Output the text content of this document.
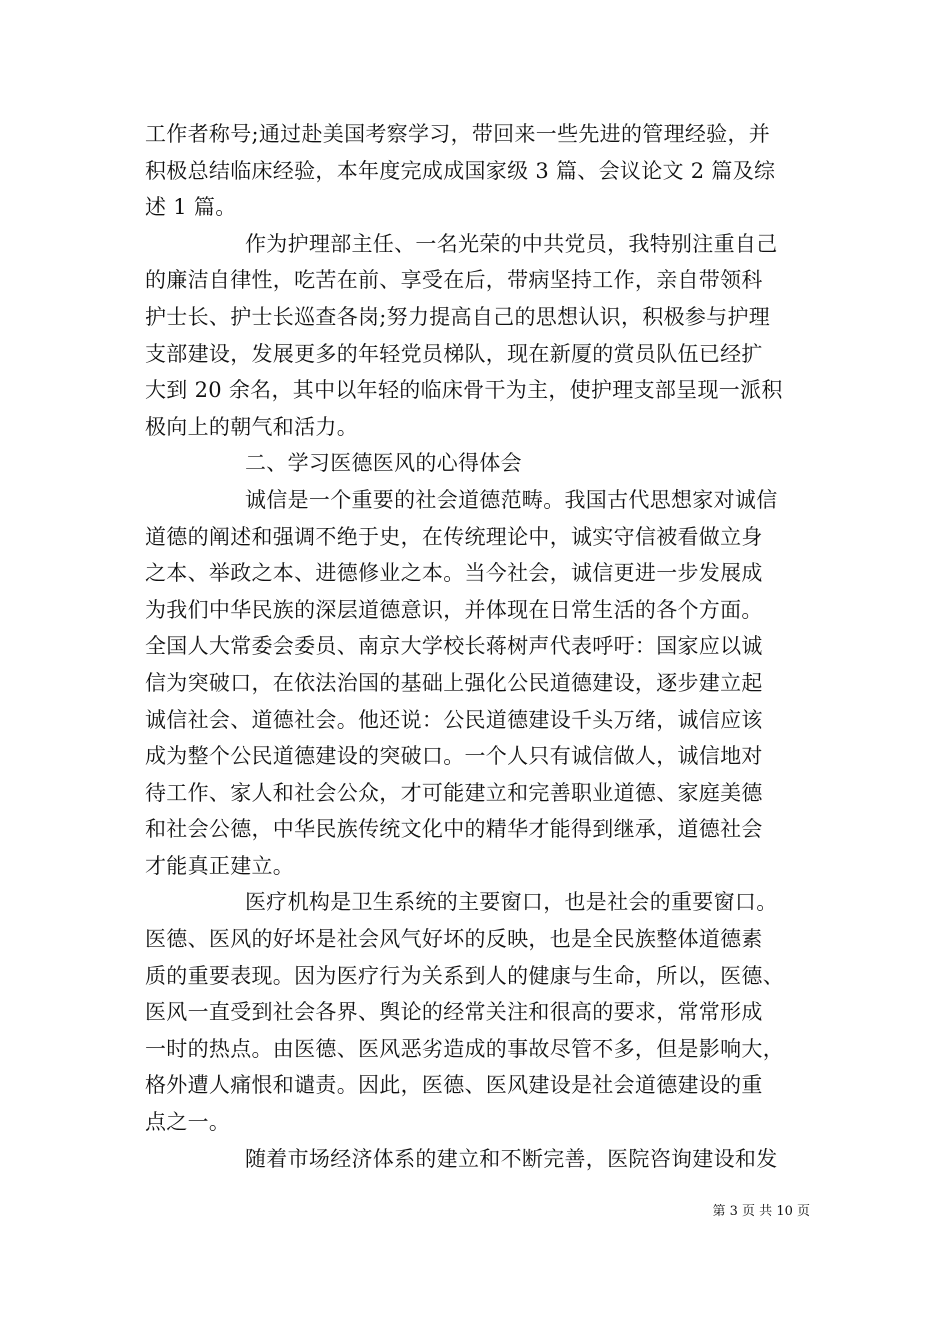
工作者称号;通过赴美国考察学习，带回来一些先进的管理经验，并
积极总结临床经验，本年度完成成国家级 3 篇、会议论文 2 篇及综
述 1 篇。
作为护理部主任、一名光荣的中共党员，我特别注重自己
的廉洁自律性，吃苦在前、享受在后，带病坚持工作，亲自带领科
护士长、护士长巡查各岗;努力提高自己的思想认识，积极参与护理
支部建设，发展更多的年轻党员梯队，现在新厦的赏员队伍已经扩
大到 20 余名，其中以年轻的临床骨干为主，使护理支部呈现一派积
极向上的朝气和活力。
二、学习医德医风的心得体会
诚信是一个重要的社会道德范畴。我国古代思想家对诚信
道德的阐述和强调不绝于史，在传统理论中，诚实守信被看做立身
之本、举政之本、进德修业之本。当今社会，诚信更进一步发展成
为我们中华民族的深层道德意识，并体现在日常生活的各个方面。
全国人大常委会委员、南京大学校长蒋树声代表呼吁：国家应以诚
信为突破口，在依法治国的基础上强化公民道德建设，逐步建立起
诚信社会、道德社会。他还说：公民道德建设千头万绪，诚信应该
成为整个公民道德建设的突破口。一个人只有诚信做人，诚信地对
待工作、家人和社会公众，才可能建立和完善职业道德、家庭美德
和社会公德，中华民族传统文化中的精华才能得到继承，道德社会
才能真正建立。
医疗机构是卫生系统的主要窗口，也是社会的重要窗口。
医德、医风的好坏是社会风气好坏的反映，也是全民族整体道德素
质的重要表现。因为医疗行为关系到人的健康与生命，所以，医德、
医风一直受到社会各界、舆论的经常关注和很高的要求，常常形成
一时的热点。由医德、医风恶劣造成的事故尽管不多，但是影响大，
格外遭人痛恨和谴责。因此，医德、医风建设是社会道德建设的重
点之一。
随着市场经济体系的建立和不断完善，医院咨询建设和发
第 3 页 共 10 页
